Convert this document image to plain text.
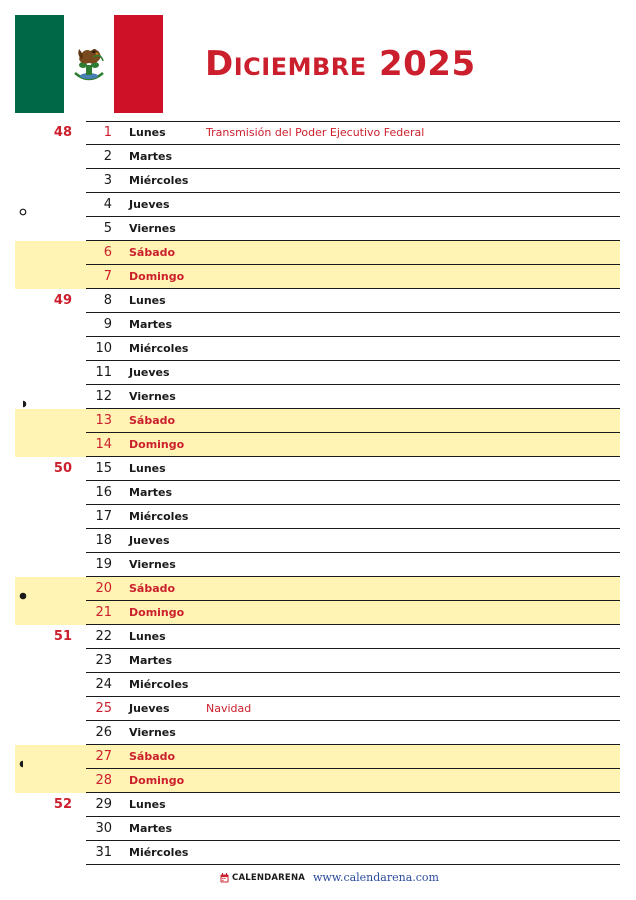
Diciembre 2025
48	1 Lunes	Transmisión del Poder Ejecutivo Federal
2 Martes
3 Miércoles
4 Jueves
5 Viernes
6 Sábado
7 Domingo
49	8 Lunes
9 Martes
10 Miércoles
11 Jueves
12 Viernes
13 Sábado
14 Domingo
50	15 Lunes
16 Martes
17 Miércoles
18 Jueves
19 Viernes
20 Sábado
21 Domingo
51	22 Lunes
23 Martes
24 Miércoles
25 Jueves	Navidad
26 Viernes
27 Sábado
28 Domingo
52	29 Lunes
30 Martes
31 Miércoles
CALENDARENA www.calendarena.com
